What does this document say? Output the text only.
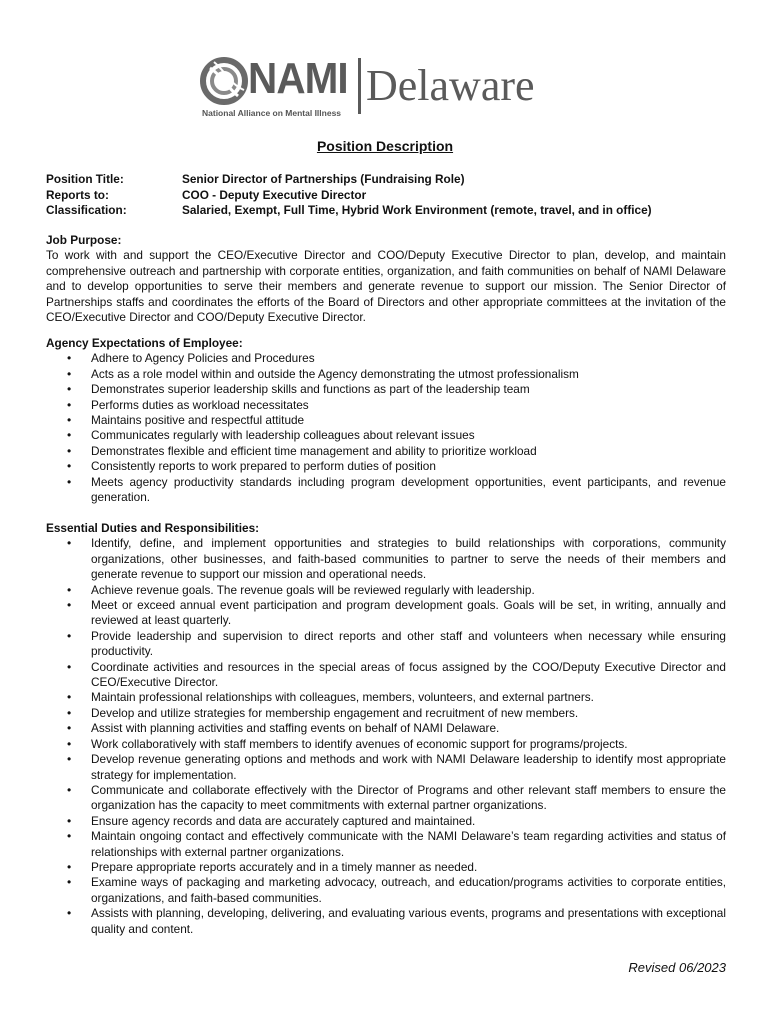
NAMI Delaware
National Alliance on Mental Illness
Position Description
Position Title:	Senior Director of Partnerships (Fundraising Role)
Reports to:	COO - Deputy Executive Director
Classification:	Salaried, Exempt, Full Time, Hybrid Work Environment (remote, travel, and in office)
Job Purpose:

To work with and support the CEO/Executive Director and COO/Deputy Executive Director to plan, develop, and maintain comprehensive outreach and partnership with corporate entities, organization, and faith communities on behalf of NAMI Delaware and to develop opportunities to serve their members and generate revenue to support our mission. The Senior Director of Partnerships staffs and coordinates the efforts of the Board of Directors and other appropriate committees at the invitation of the CEO/Executive Director and COO/Deputy Executive Director.

Agency Expectations of Employee:
• Adhere to Agency Policies and Procedures
• Acts as a role model within and outside the Agency demonstrating the utmost professionalism
• Demonstrates superior leadership skills and functions as part of the leadership team
• Performs duties as workload necessitates
• Maintains positive and respectful attitude
• Communicates regularly with leadership colleagues about relevant issues
• Demonstrates flexible and efficient time management and ability to prioritize workload
• Consistently reports to work prepared to perform duties of position
• Meets agency productivity standards including program development opportunities, event participants, and revenue generation.
Essential Duties and Responsibilities:
• Identify, define, and implement opportunities and strategies to build relationships with corporations, community organizations, other businesses, and faith-based communities to partner to serve the needs of their members and generate revenue to support our mission and operational needs.
• Achieve revenue goals. The revenue goals will be reviewed regularly with leadership.
• Meet or exceed annual event participation and program development goals. Goals will be set, in writing, annually and reviewed at least quarterly.
• Provide leadership and supervision to direct reports and other staff and volunteers when necessary while ensuring productivity.
• Coordinate activities and resources in the special areas of focus assigned by the COO/Deputy Executive Director and CEO/Executive Director.
• Maintain professional relationships with colleagues, members, volunteers, and external partners.
• Develop and utilize strategies for membership engagement and recruitment of new members.
• Assist with planning activities and staffing events on behalf of NAMI Delaware.
• Work collaboratively with staff members to identify avenues of economic support for programs/projects.
• Develop revenue generating options and methods and work with NAMI Delaware leadership to identify most appropriate strategy for implementation.
• Communicate and collaborate effectively with the Director of Programs and other relevant staff members to ensure the organization has the capacity to meet commitments with external partner organizations.
• Ensure agency records and data are accurately captured and maintained.
• Maintain ongoing contact and effectively communicate with the NAMI Delaware’s team regarding activities and status of relationships with external partner organizations.
• Prepare appropriate reports accurately and in a timely manner as needed.
• Examine ways of packaging and marketing advocacy, outreach, and education/programs activities to corporate entities, organizations, and faith-based communities.
• Assists with planning, developing, delivering, and evaluating various events, programs and presentations with exceptional quality and content.
Revised 06/2023
